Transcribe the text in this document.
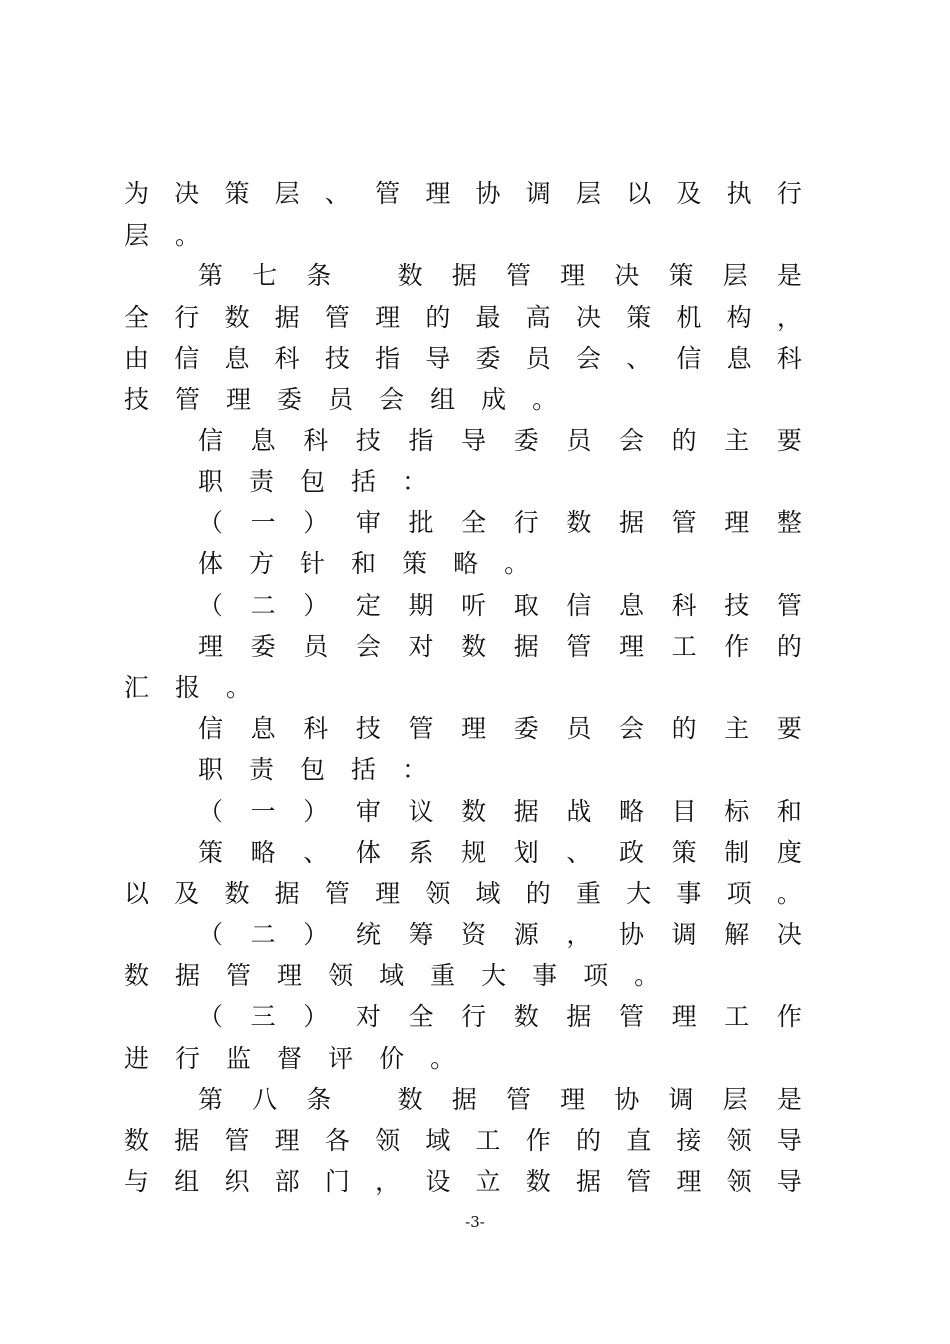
为 决 策 层 、 管 理 协 调 层 以 及 执 行
层 。
第 七 条
	数 据 管 理 决 策 层 是
全 行 数 据 管 理 的 最 高 决 策 机 构 ，
由 信 息 科 技 指 导 委 员 会 、 信 息 科
技 管 理 委 员 会 组 成 。
信 息 科 技 指 导 委 员 会 的 主 要
职 责 包 括 ：
（ 一 ） 审 批 全 行 数 据 管 理 整
体 方 针 和 策 略 。
（ 二 ） 定 期 听 取 信 息 科 技 管
理 委 员 会 对 数 据 管 理 工 作 的
汇 报 。
信 息 科 技 管 理 委 员 会 的 主 要
职 责 包 括 ：
（ 一 ） 审 议 数 据 战 略 目 标 和
策 略 、 体 系 规 划 、 政 策 制 度
以 及 数 据 管 理 领 域 的 重 大 事 项 。
（ 二 ） 统 筹 资 源 ， 协 调 解 决
数 据 管 理 领 域 重 大 事 项 。
（ 三 ） 对 全 行 数 据 管 理 工 作
进 行 监 督 评 价 。
第 八 条
	数 据 管 理 协 调 层 是
数 据 管 理 各 领 域 工 作 的 直 接 领 导
与 组 织 部 门 ， 设 立 数 据 管 理 领 导
-3-
